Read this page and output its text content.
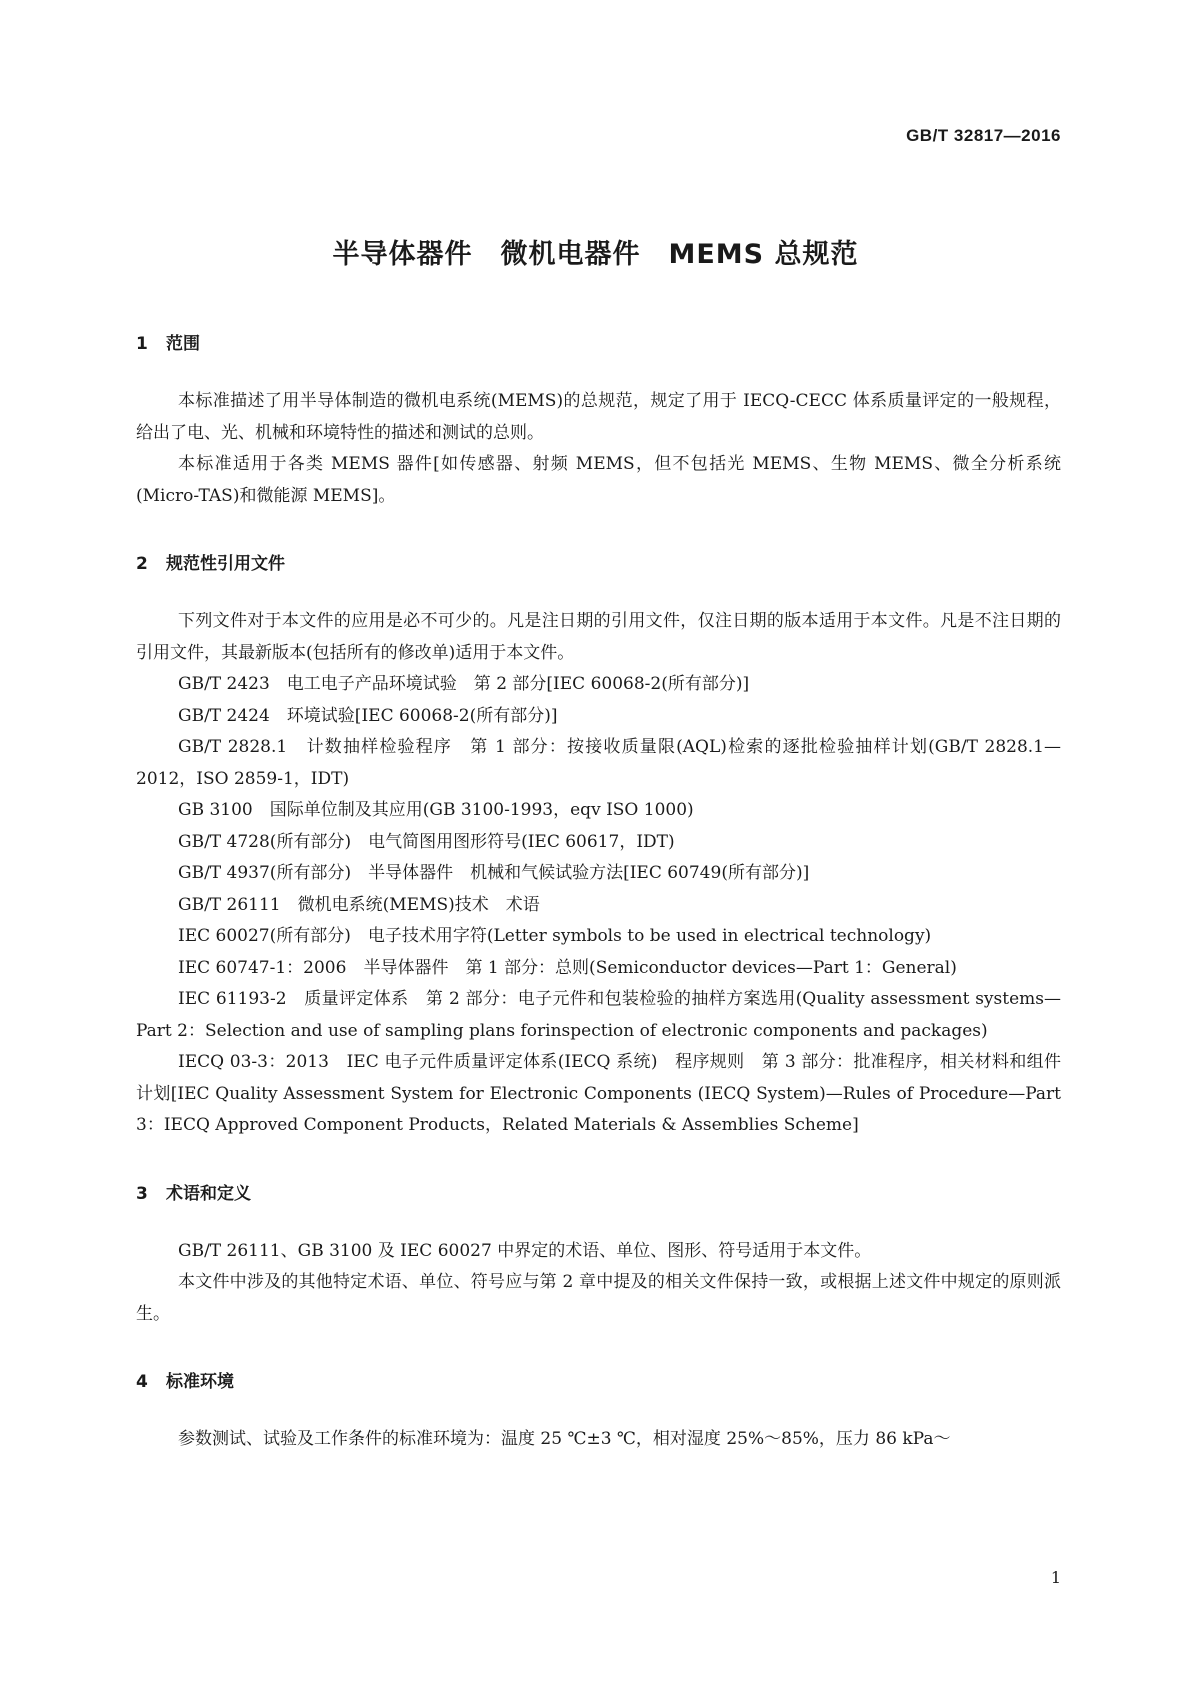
GB/T 32817—2016
半导体器件　微机电器件　MEMS 总规范
1 范围

本标准描述了用半导体制造的微机电系统(MEMS)的总规范，规定了用于 IECQ-CECC 体系质量评定的一般规程，给出了电、光、机械和环境特性的描述和测试的总则。

本标准适用于各类 MEMS 器件[如传感器、射频 MEMS，但不包括光 MEMS、生物 MEMS、微全分析系统(Micro-TAS)和微能源 MEMS]。

2 规范性引用文件

下列文件对于本文件的应用是必不可少的。凡是注日期的引用文件，仅注日期的版本适用于本文件。凡是不注日期的引用文件，其最新版本(包括所有的修改单)适用于本文件。

GB/T 2423　电工电子产品环境试验　第 2 部分[IEC 60068-2(所有部分)]

GB/T 2424　环境试验[IEC 60068-2(所有部分)]

GB/T 2828.1　计数抽样检验程序　第 1 部分：按接收质量限(AQL)检索的逐批检验抽样计划(GB/T 2828.1—2012，ISO 2859-1，IDT)

GB 3100　国际单位制及其应用(GB 3100-1993，eqv ISO 1000)

GB/T 4728(所有部分)　电气简图用图形符号(IEC 60617，IDT)

GB/T 4937(所有部分)　半导体器件　机械和气候试验方法[IEC 60749(所有部分)]

GB/T 26111　微机电系统(MEMS)技术　术语

IEC 60027(所有部分)　电子技术用字符(Letter symbols to be used in electrical technology)

IEC 60747-1：2006　半导体器件　第 1 部分：总则(Semiconductor devices—Part 1：General)

IEC 61193-2　质量评定体系　第 2 部分：电子元件和包装检验的抽样方案选用(Quality assessment systems—Part 2：Selection and use of sampling plans forinspection of electronic components and packages)

IECQ 03-3：2013　IEC 电子元件质量评定体系(IECQ 系统)　程序规则　第 3 部分：批准程序，相关材料和组件计划[IEC Quality Assessment System for Electronic Components (IECQ System)—Rules of Procedure—Part 3：IECQ Approved Component Products，Related Materials & Assemblies Scheme]

3 术语和定义

GB/T 26111、GB 3100 及 IEC 60027 中界定的术语、单位、图形、符号适用于本文件。

本文件中涉及的其他特定术语、单位、符号应与第 2 章中提及的相关文件保持一致，或根据上述文件中规定的原则派生。

4 标准环境

参数测试、试验及工作条件的标准环境为：温度 25 ℃±3 ℃，相对湿度 25%～85%，压力 86 kPa～

1
